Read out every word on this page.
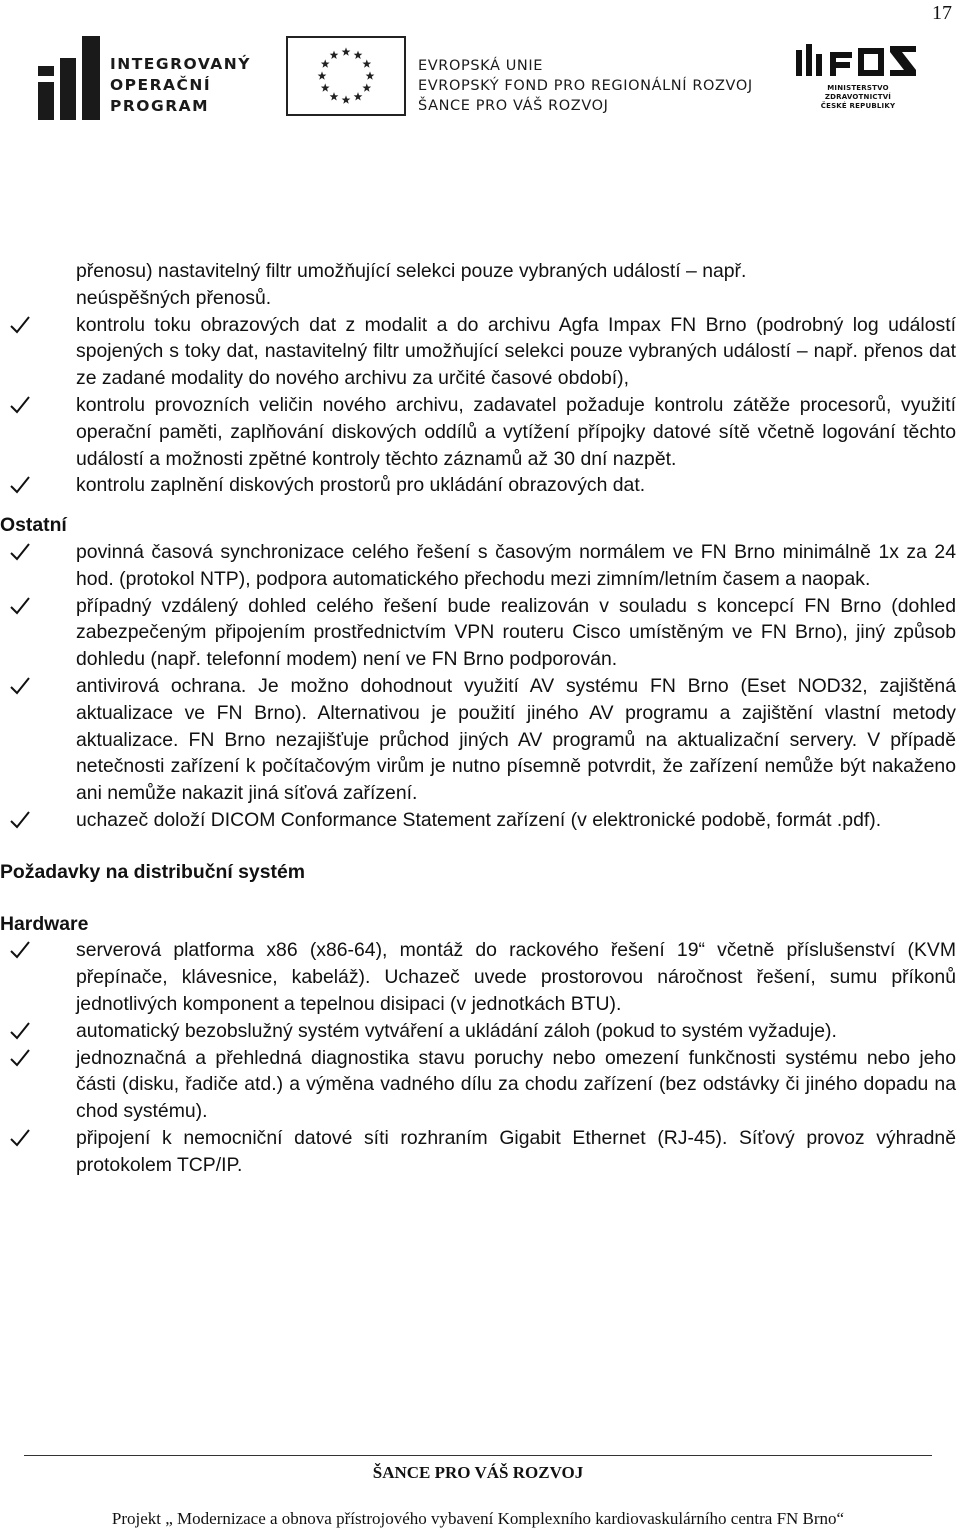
17
INTEGROVANÝ
OPERAČNÍ
PROGRAM
EVROPSKÁ UNIE
EVROPSKÝ FOND PRO REGIONÁLNÍ ROZVOJ
ŠANCE PRO VÁŠ ROZVOJ
MINISTERSTVO ZDRAVOTNICTVÍ
ČESKÉ REPUBLIKY
přenosu) nastavitelný filtr umožňující selekci pouze vybraných událostí – např.
neúspěšných přenosů.
kontrolu toku obrazových dat z modalit a do archivu Agfa Impax FN Brno (podrobný log událostí spojených s toky dat, nastavitelný filtr umožňující selekci pouze vybraných událostí – např. přenos dat ze zadané modality do nového archivu za určité časové období),
kontrolu provozních veličin nového archivu, zadavatel požaduje kontrolu zátěže procesorů, využití operační paměti, zaplňování diskových oddílů a vytížení přípojky datové sítě včetně logování těchto událostí a možnosti zpětné kontroly těchto záznamů až 30 dní nazpět.
kontrolu zaplnění diskových prostorů pro ukládání obrazových dat.
Ostatní
povinná časová synchronizace celého řešení s časovým normálem ve FN Brno minimálně 1x za 24 hod. (protokol NTP), podpora automatického přechodu mezi zimním/letním časem a naopak.
případný vzdálený dohled celého řešení bude realizován v souladu s koncepcí FN Brno (dohled zabezpečeným připojením prostřednictvím VPN routeru Cisco umístěným ve FN Brno), jiný způsob dohledu (např. telefonní modem) není ve FN Brno podporován.
antivirová ochrana. Je možno dohodnout využití AV systému FN Brno (Eset NOD32, zajištěná aktualizace ve FN Brno). Alternativou je použití jiného AV programu a zajištění vlastní metody aktualizace. FN Brno nezajišťuje průchod jiných AV programů na aktualizační servery. V případě netečnosti zařízení k počítačovým virům je nutno písemně potvrdit, že zařízení nemůže být nakaženo ani nemůže nakazit jiná síťová zařízení.
uchazeč doloží DICOM Conformance Statement zařízení (v elektronické podobě, formát .pdf).
Požadavky na distribuční systém
Hardware
serverová platforma x86 (x86-64), montáž do rackového řešení 19“ včetně příslušenství (KVM přepínače, klávesnice, kabeláž). Uchazeč uvede prostorovou náročnost řešení, sumu příkonů jednotlivých komponent a tepelnou disipaci (v jednotkách BTU).
automatický bezobslužný systém vytváření a ukládání záloh (pokud to systém vyžaduje).
jednoznačná a přehledná diagnostika stavu poruchy nebo omezení funkčnosti systému nebo jeho části (disku, řadiče atd.) a výměna vadného dílu za chodu zařízení (bez odstávky či jiného dopadu na chod systému).
připojení k nemocniční datové síti rozhraním Gigabit Ethernet (RJ-45). Síťový provoz výhradně protokolem TCP/IP.
ŠANCE PRO VÁŠ ROZVOJ
Projekt „ Modernizace a obnova přístrojového vybavení Komplexního kardiovaskulárního centra FN Brno“
